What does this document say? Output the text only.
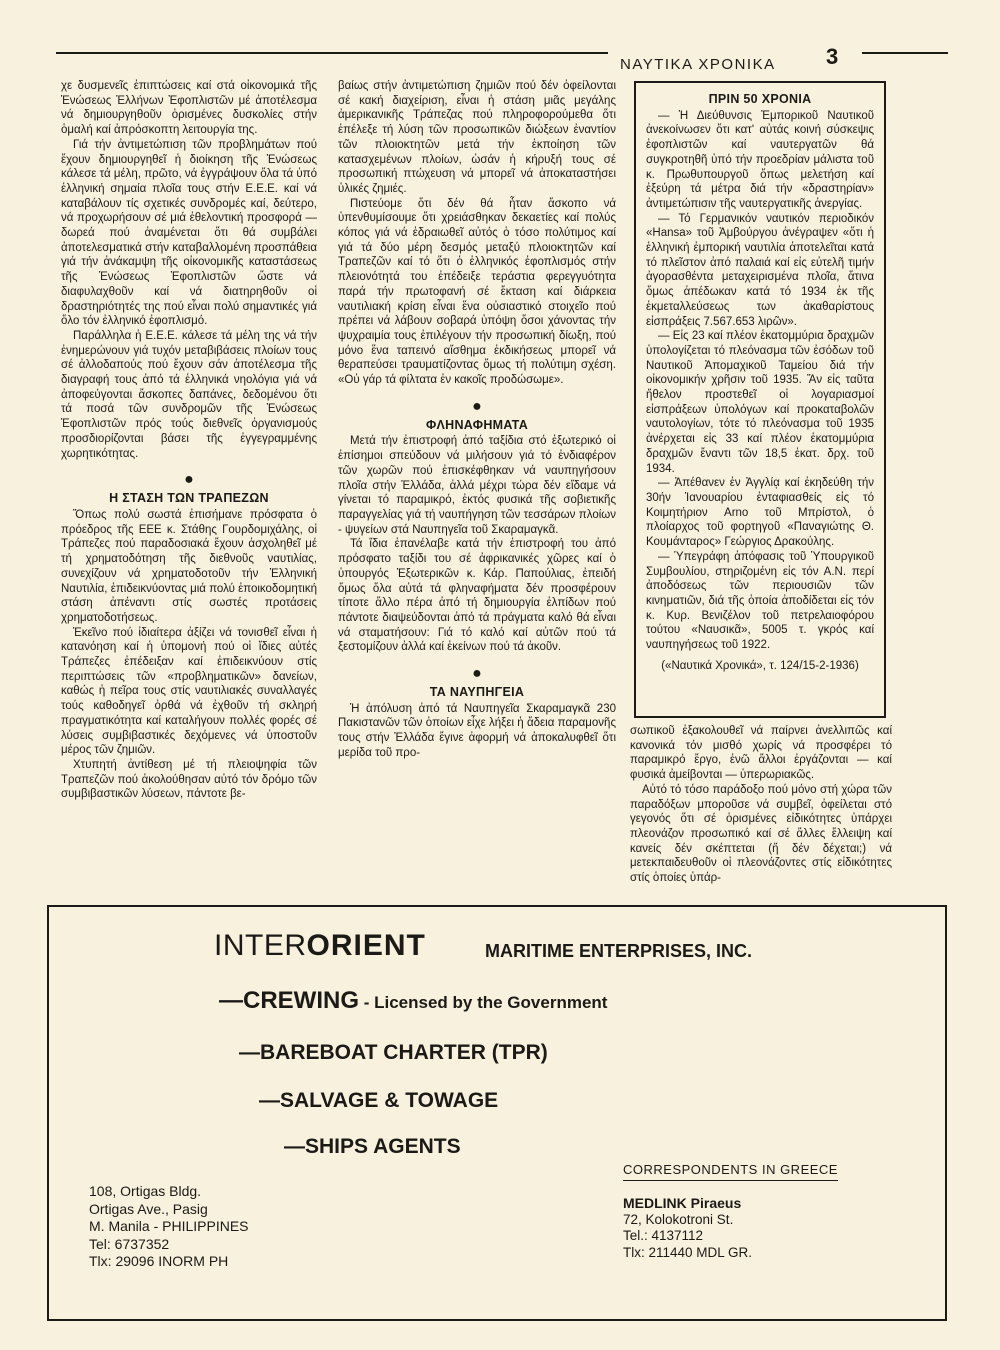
ΝΑΥΤΙΚΑ ΧΡΟΝΙΚΑ 3

χε δυσμενεῖς ἐπιπτώσεις καί στά οἰκονομικά τῆς Ἑνώσεως Ἑλλήνων Ἐφοπλιστῶν μέ ἀποτέλεσμα νά δημιουργηθοῦν ὁρισμένες δυσκολίες στήν ὁμαλή καί ἀπρόσκοπτη λειτουργία της.

Γιά τήν ἀντιμετώπιση τῶν προβλημάτων πού ἔχουν δημιουργηθεῖ ἡ διοίκηση τῆς Ἑνώσεως κάλεσε τά μέλη, πρῶτο, νά ἐγγράψουν ὅλα τά ὑπό ἑλληνική σημαία πλοῖα τους στήν Ε.Ε.Ε. καί νά καταβάλουν τίς σχετικές συνδρομές καί, δεύτερο, νά προχωρήσουν σέ μιά ἐθελοντική προσφορά — δωρεά πού ἀναμένεται ὅτι θά συμβάλει ἀποτελεσματικά στήν καταβαλλομένη προσπάθεια γιά τήν ἀνάκαμψη τῆς οἰκονομικῆς καταστάσεως τῆς Ἑνώσεως Ἐφοπλιστῶν ὥστε νά διαφυλαχθοῦν καί νά διατηρηθοῦν οἱ δραστηριότητές της πού εἶναι πολύ σημαντικές γιά ὅλο τόν ἑλληνικό ἐφοπλισμό.

Παράλληλα ἡ Ε.Ε.Ε. κάλεσε τά μέλη της νά τήν ἐνημερώνουν γιά τυχόν μεταβιβάσεις πλοίων τους σέ ἀλλοδαπούς πού ἔχουν σάν ἀποτέλεσμα τῆς διαγραφή τους ἀπό τά ἑλληνικά νηολόγια γιά νά ἀποφεύγονται ἄσκοπες δαπάνες, δεδομένου ὅτι τά ποσά τῶν συνδρομῶν τῆς Ἑνώσεως Ἐφοπλιστῶν πρός τούς διεθνεῖς ὀργανισμούς προσδιορίζονται βάσει τῆς ἐγγεγραμμένης χωρητικότητας.

●
Η ΣΤΑΣΗ ΤΩΝ ΤΡΑΠΕΖΩΝ

Ὅπως πολύ σωστά ἐπισήμανε πρόσφατα ὁ πρόεδρος τῆς ΕΕΕ κ. Στάθης Γουρδομιχάλης, οἱ Τράπεζες πού παραδοσιακά ἔχουν ἀσχοληθεῖ μέ τή χρηματοδότηση τῆς διεθνοῦς ναυτιλίας, συνεχίζουν νά χρηματοδοτοῦν τήν Ἑλληνική Ναυτιλία, ἐπιδεικνύοντας μιά πολύ ἐποικοδομητική στάση ἀπέναντι στίς σωστές προτάσεις χρηματοδοτήσεως.

Ἐκεῖνο πού ἰδιαίτερα ἀξίζει νά τονισθεῖ εἶναι ἡ κατανόηση καί ἡ ὑπομονή πού οἱ ἴδιες αὐτές Τράπεζες ἐπέδειξαν καί ἐπιδεικνύουν στίς περιπτώσεις τῶν «προβληματικῶν» δανείων, καθώς ἡ πεῖρα τους στίς ναυτιλιακές συναλλαγές τούς καθοδηγεῖ ὀρθά νά ἐχθοῦν τή σκληρή πραγματικότητα καί καταλήγουν πολλές φορές σέ λύσεις συμβιβαστικές δεχόμενες νά ὑποστοῦν μέρος τῶν ζημιῶν.

Χτυπητή ἀντίθεση μέ τή πλειοψηφία τῶν Τραπεζῶν πού ἀκολούθησαν αὐτό τόν δρόμο τῶν συμβιβαστικῶν λύσεων, πάντοτε βε-

βαίως στήν ἀντιμετώπιση ζημιῶν πού δέν ὀφείλονται σέ κακή διαχείριση, εἶναι ἡ στάση μιᾶς μεγάλης ἀμερικανικῆς Τράπεζας πού πληροφορούμεθα ὅτι ἐπέλεξε τή λύση τῶν προσωπικῶν διώξεων ἐναντίον τῶν πλοιοκτητῶν μετά τήν ἐκποίηση τῶν κατασχεμένων πλοίων, ὡσάν ἡ κήρυξή τους σέ προσωπική πτώχευση νά μπορεῖ νά ἀποκαταστήσει ὑλικές ζημιές.

Πιστεύομε ὅτι δέν θά ἦταν ἄσκοπο νά ὑπενθυμίσουμε ὅτι χρειάσθηκαν δεκαετίες καί πολύς κόπος γιά νά ἑδραιωθεῖ αὐτός ὁ τόσο πολύτιμος καί γιά τά δύο μέρη δεσμός μεταξύ πλοιοκτητῶν καί Τραπεζῶν καί τό ὅτι ὁ ἑλληνικός ἐφοπλισμός στήν πλειονότητά του ἐπέδειξε τεράστια φερεγγυότητα παρά τήν πρωτοφανή σέ ἔκταση καί διάρκεια ναυτιλιακή κρίση εἶναι ἕνα οὐσιαστικό στοιχεῖο πού πρέπει νά λάβουν σοβαρά ὑπόψη ὅσοι χάνοντας τήν ψυχραιμία τους ἐπιλέγουν τήν προσωπική δίωξη, πού μόνο ἕνα ταπεινό αἴσθημα ἐκδικήσεως μπορεῖ νά θεραπεύσει τραυματίζοντας ὅμως τή πολύτιμη σχέση. «Οὐ γάρ τά φίλτατα ἐν κακοῖς προδώσωμε».

●
ΦΛΗΝΑΦΗΜΑΤΑ

Μετά τήν ἐπιστροφή ἀπό ταξίδια στό ἐξωτερικό οἱ ἐπίσημοι σπεύδουν νά μιλήσουν γιά τό ἐνδιαφέρον τῶν χωρῶν πού ἐπισκέφθηκαν νά ναυπηγήσουν πλοῖα στήν Ἑλλάδα, ἀλλά μέχρι τώρα δέν εἴδαμε νά γίνεται τό παραμικρό, ἐκτός φυσικά τῆς σοβιετικῆς παραγγελίας γιά τή ναυπήγηση τῶν τεσσάρων πλοίων - ψυγείων στά Ναυπηγεῖα τοῦ Σκαραμαγκᾶ.

Τά ἴδια ἐπανέλαβε κατά τήν ἐπιστροφή του ἀπό πρόσφατο ταξίδι του σέ ἀφρικανικές χῶρες καί ὁ ὑπουργός Ἐξωτερικῶν κ. Κάρ. Παπούλιας, ἐπειδή ὅμως ὅλα αὐτά τά φληναφήματα δέν προσφέρουν τίποτε ἄλλο πέρα ἀπό τή δημιουργία ἐλπίδων πού πάντοτε διαψεύδονται ἀπό τά πράγματα καλό θά εἶναι νά σταματήσουν: Γιά τό καλό καί αὐτῶν πού τά ξεστομίζουν ἀλλά καί ἐκείνων πού τά ἀκοῦν.

●
ΤΑ ΝΑΥΠΗΓΕΙΑ

Ἡ ἀπόλυση ἀπό τά Ναυπηγεῖα Σκαραμαγκᾶ 230 Πακιστανῶν τῶν ὁποίων εἶχε λήξει ἡ ἄδεια παραμονῆς τους στήν Ἑλλάδα ἔγινε ἀφορμή νά ἀποκαλυφθεῖ ὅτι μερίδα τοῦ προ-

ΠΡΙΝ 50 ΧΡΟΝΙΑ

— Ἡ Διεύθυνσις Ἐμπορικοῦ Ναυτικοῦ ἀνεκοίνωσεν ὅτι κατ' αὐτάς κοινή σύσκεψις ἐφοπλιστῶν καί ναυτεργατῶν θά συγκροτηθῆ ὑπό τήν προεδρίαν μάλιστα τοῦ κ. Πρωθυπουργοῦ ὅπως μελετήση καί ἐξεύρη τά μέτρα διά τήν «δραστηρίαν» ἀντιμετώπισιν τῆς ναυτεργατικῆς ἀνεργίας.

— Τό Γερμανικόν ναυτικόν περιοδικόν «Hansa» τοῦ Ἀμβούργου ἀνέγραψεν «ὅτι ἡ ἑλληνική ἐμπορική ναυτιλία ἀποτελεῖται κατά τό πλεῖστον ἀπό παλαιά καί εἰς εὐτελῆ τιμήν ἀγορασθέντα μεταχειρισμένα πλοῖα, ἅτινα ὅμως ἀπέδωκαν κατά τό 1934 ἐκ τῆς ἐκμεταλλεύσεως των ἀκαθαρίστους εἰσπράξεις 7.567.653 λιρῶν».

— Εἰς 23 καί πλέον ἑκατομμύρια δραχμῶν ὑπολογίζεται τό πλεόνασμα τῶν ἐσόδων τοῦ Ναυτικοῦ Ἀπομαχικοῦ Ταμείου διά τήν οἰκονομικήν χρῆσιν τοῦ 1935. Ἄν εἰς ταῦτα ἤθελον προστεθεῖ οἱ λογαριασμοί εἰσπράξεων ὑπολόγων καί προκαταβολῶν ναυτολογίων, τότε τό πλεόνασμα τοῦ 1935 ἀνέρχεται εἰς 33 καί πλέον ἑκατομμύρια δραχμῶν ἔναντι τῶν 18,5 ἑκατ. δρχ. τοῦ 1934.

— Ἀπέθανεν ἐν Ἀγγλίᾳ καί ἐκηδεύθη τήν 30ήν Ἰανουαρίου ἐνταφιασθείς εἰς τό Κοιμητήριον Arno τοῦ Μπρίστολ, ὁ πλοίαρχος τοῦ φορτηγοῦ «Παναγιώτης Θ. Κουμάνταρος» Γεώργιος Δρακούλης.

— Ὑπεγράφη ἀπόφασις τοῦ Ὑπουργικοῦ Συμβουλίου, στηριζομένη εἰς τόν Α.Ν. περί ἀποδόσεως τῶν περιουσιῶν τῶν κινηματιῶν, διά τῆς ὁποία ἀποδίδεται εἰς τόν κ. Κυρ. Βενιζέλον τοῦ πετρελαιοφόρου τούτου «Ναυσικᾶ», 5005 τ. γκρός καί ναυπηγήσεως τοῦ 1922.

(«Ναυτικά Χρονικά», τ. 124/15-2-1936)

σωπικοῦ ἐξακολουθεῖ νά παίρνει ἀνελλιπῶς καί κανονικά τόν μισθό χωρίς νά προσφέρει τό παραμικρό ἔργο, ἐνῶ ἄλλοι ἐργάζονται — καί φυσικά ἀμείβονται — ὑπερωριακῶς.

Αὐτό τό τόσο παράδοξο πού μόνο στή χώρα τῶν παραδόξων μποροῦσε νά συμβεῖ, ὀφείλεται στό γεγονός ὅτι σέ ὁρισμένες εἰδικότητες ὑπάρχει πλεονάζον προσωπικό καί σέ ἄλλες ἔλλειψη καί κανείς δέν σκέπτεται (ἤ δέν δέχεται;) νά μετεκπαιδευθοῦν οἱ πλεονάζοντες στίς εἰδικότητες στίς ὁποίες ὑπάρ-

INTERORIENT	MARITIME ENTERPRISES, INC.
—CREWING - Licensed by the Government
—BAREBOAT CHARTER (TPR)
—SALVAGE & TOWAGE
—SHIPS AGENTS
108, Ortigas Bldg.
Ortigas Ave., Pasig
M. Manila - PHILIPPINES
Tel: 6737352
Tlx: 29096 INORM PH
CORRESPONDENTS IN GREECE
MEDLINK Piraeus
72, Kolokotroni St.
Tel.: 4137112
Tlx: 211440 MDL GR.
